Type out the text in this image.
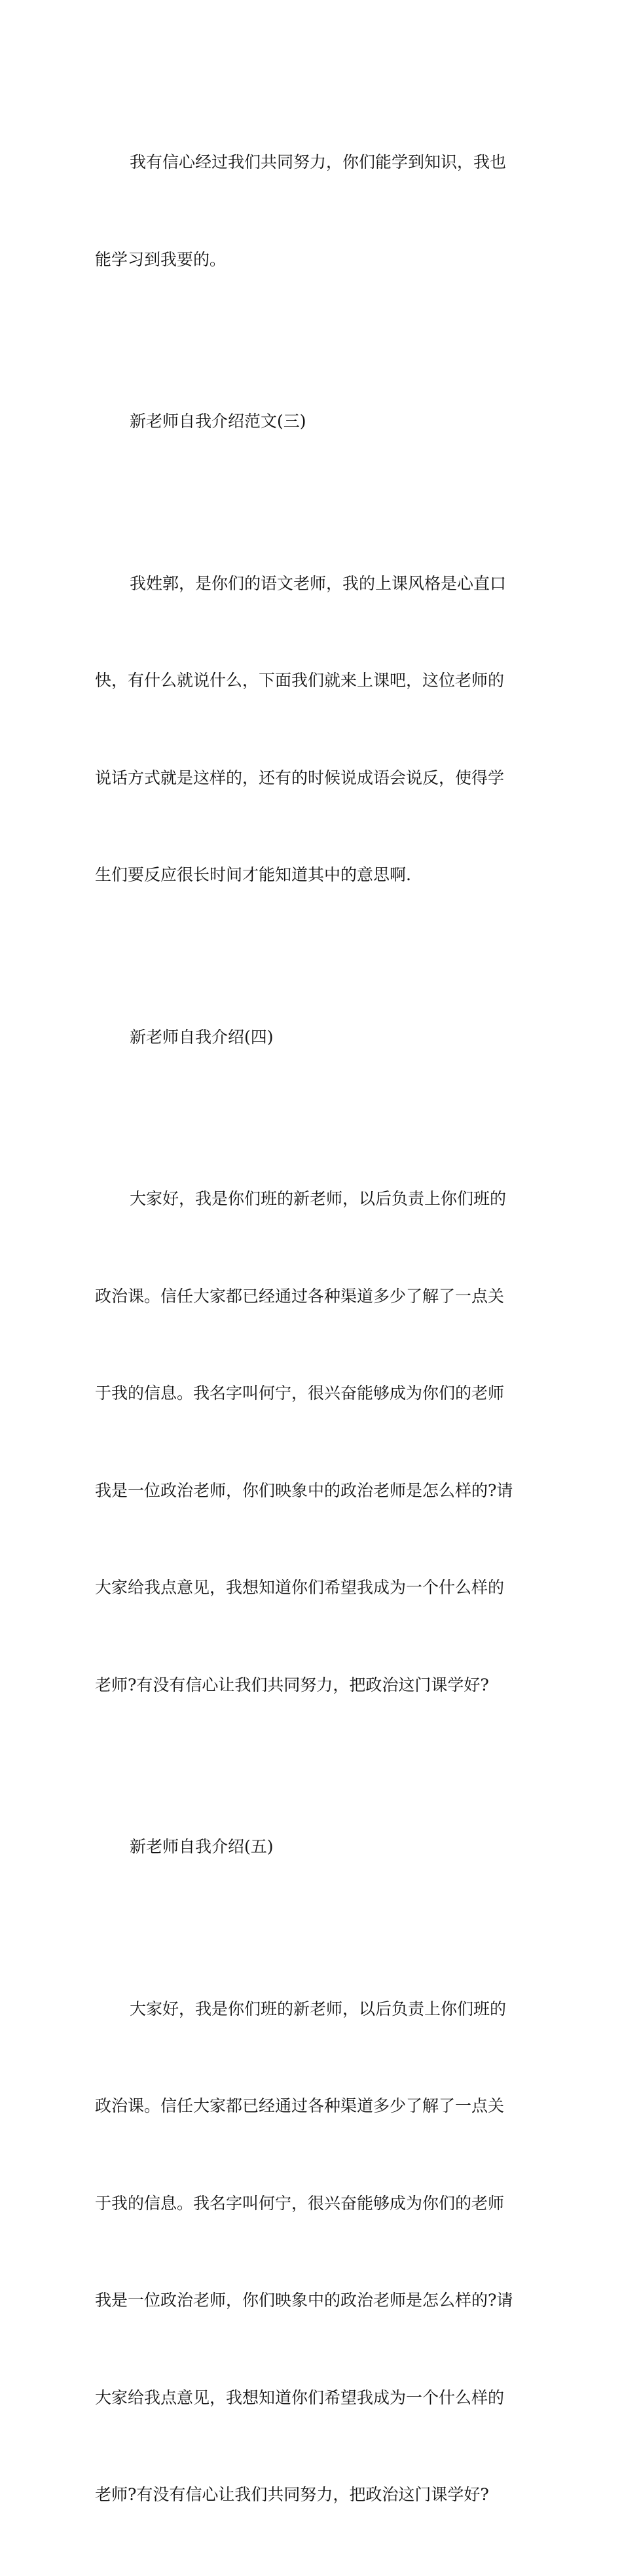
我有信心经过我们共同努力，你们能学到知识，我也

能学习到我要的。

新老师自我介绍范文(三)

我姓郭，是你们的语文老师，我的上课风格是心直口

快，有什么就说什么，下面我们就来上课吧，这位老师的

说话方式就是这样的，还有的时候说成语会说反，使得学

生们要反应很长时间才能知道其中的意思啊.

新老师自我介绍(四)

大家好，我是你们班的新老师，以后负责上你们班的

政治课。信任大家都已经通过各种渠道多少了解了一点关

于我的信息。我名字叫何宁，很兴奋能够成为你们的老师

我是一位政治老师，你们映象中的政治老师是怎么样的?请

大家给我点意见，我想知道你们希望我成为一个什么样的

老师?有没有信心让我们共同努力，把政治这门课学好?

新老师自我介绍(五)

大家好，我是你们班的新老师，以后负责上你们班的

政治课。信任大家都已经通过各种渠道多少了解了一点关

于我的信息。我名字叫何宁，很兴奋能够成为你们的老师

我是一位政治老师，你们映象中的政治老师是怎么样的?请

大家给我点意见，我想知道你们希望我成为一个什么样的

老师?有没有信心让我们共同努力，把政治这门课学好?
